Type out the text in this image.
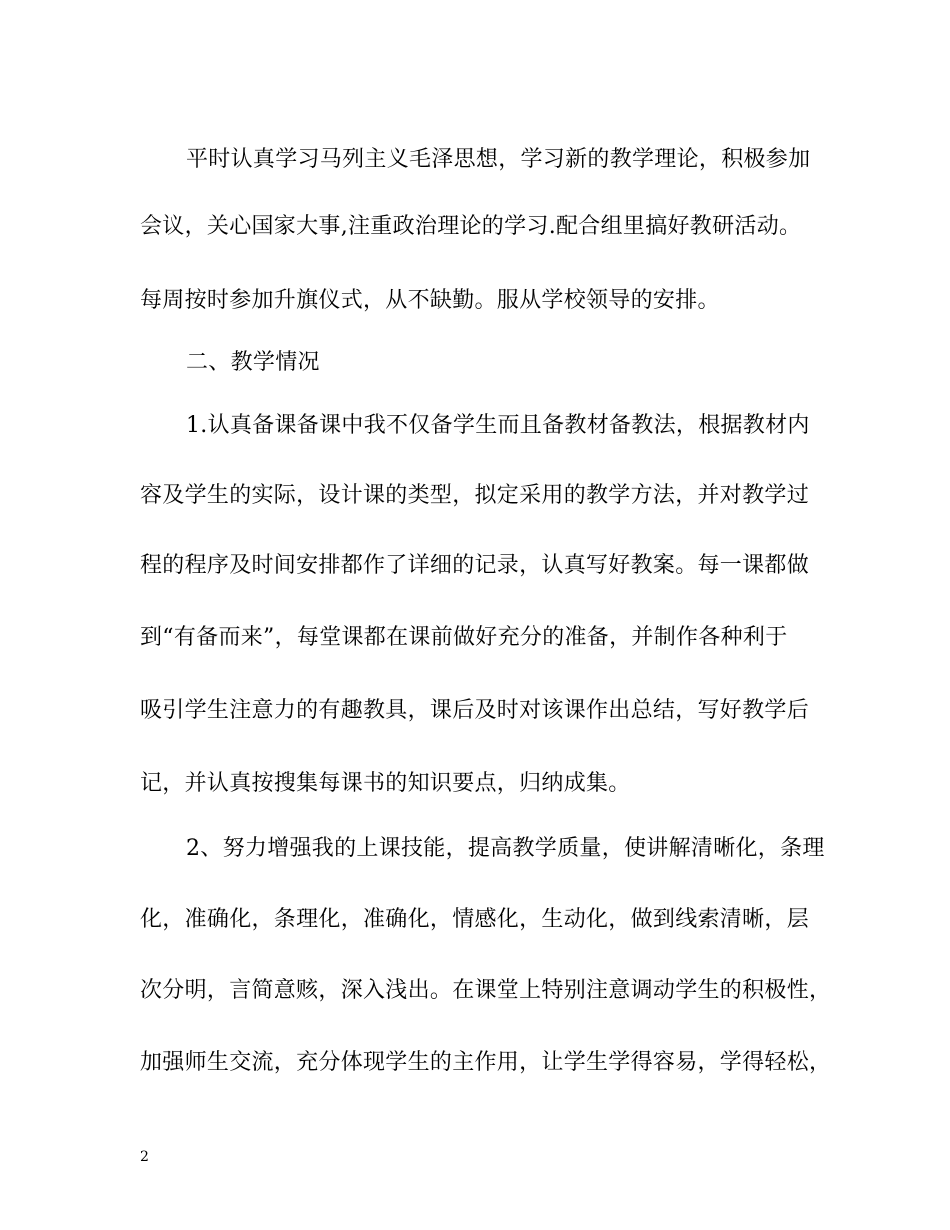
平时认真学习马列主义毛泽思想，学习新的教学理论，积极参加
会议，关心国家大事,注重政治理论的学习.配合组里搞好教研活动。
每周按时参加升旗仪式，从不缺勤。服从学校领导的安排。
二、教学情况
1.认真备课备课中我不仅备学生而且备教材备教法，根据教材内
容及学生的实际，设计课的类型，拟定采用的教学方法，并对教学过
程的程序及时间安排都作了详细的记录，认真写好教案。每一课都做
到“有备而来”，每堂课都在课前做好充分的准备，并制作各种利于
吸引学生注意力的有趣教具，课后及时对该课作出总结，写好教学后
记，并认真按搜集每课书的知识要点，归纳成集。
2、努力增强我的上课技能，提高教学质量，使讲解清晰化，条理
化，准确化，条理化，准确化，情感化，生动化，做到线索清晰，层
次分明，言简意赅，深入浅出。在课堂上特别注意调动学生的积极性，
加强师生交流，充分体现学生的主作用，让学生学得容易，学得轻松，
2
